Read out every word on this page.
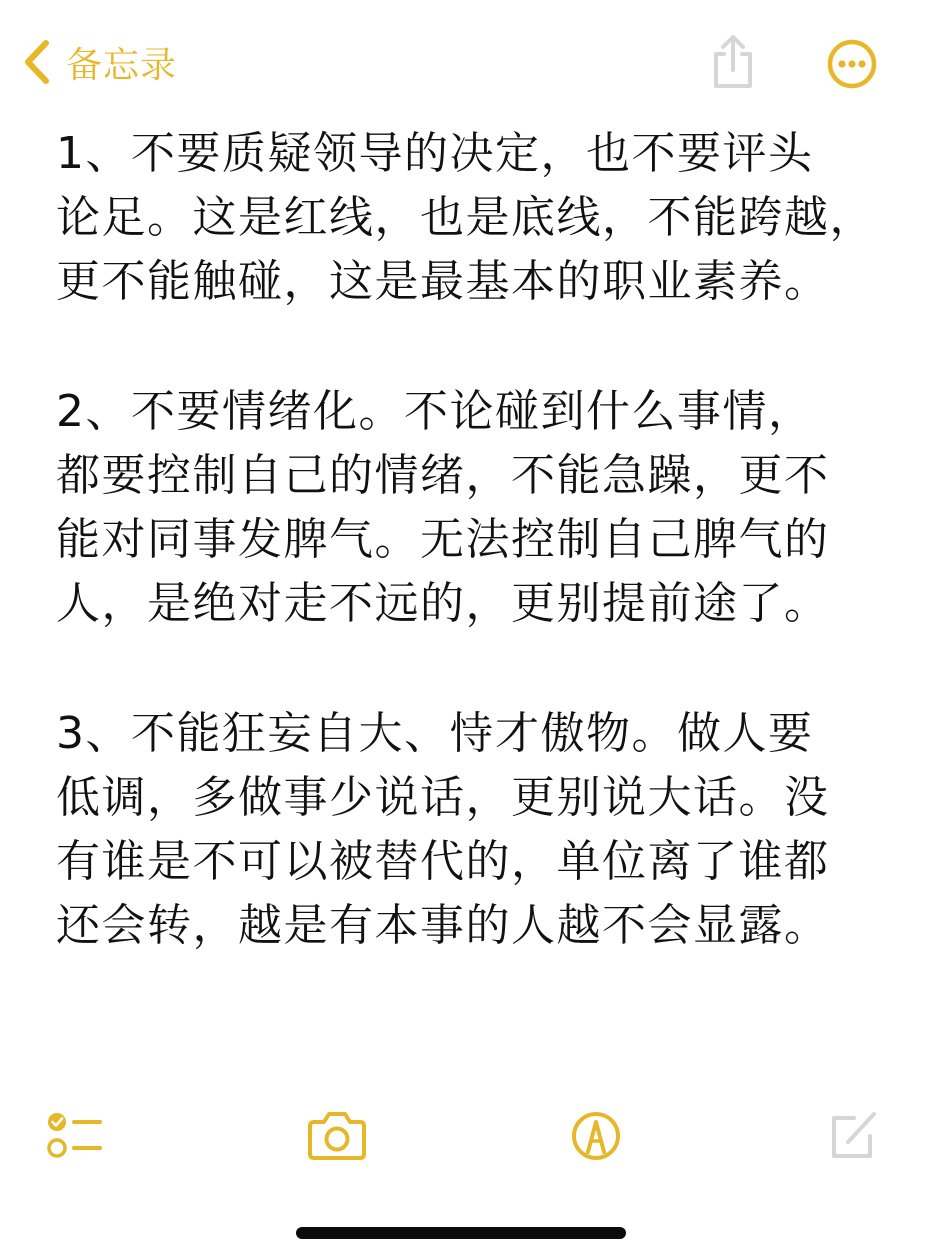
备忘录

1、不要质疑领导的决定，也不要评头
论足。这是红线，也是底线，不能跨越，
更不能触碰，这是最基本的职业素养。

2、不要情绪化。不论碰到什么事情，
都要控制自己的情绪，不能急躁，更不
能对同事发脾气。无法控制自己脾气的
人，是绝对走不远的，更别提前途了。

3、不能狂妄自大、恃才傲物。做人要
低调，多做事少说话，更别说大话。没
有谁是不可以被替代的，单位离了谁都
还会转，越是有本事的人越不会显露。
